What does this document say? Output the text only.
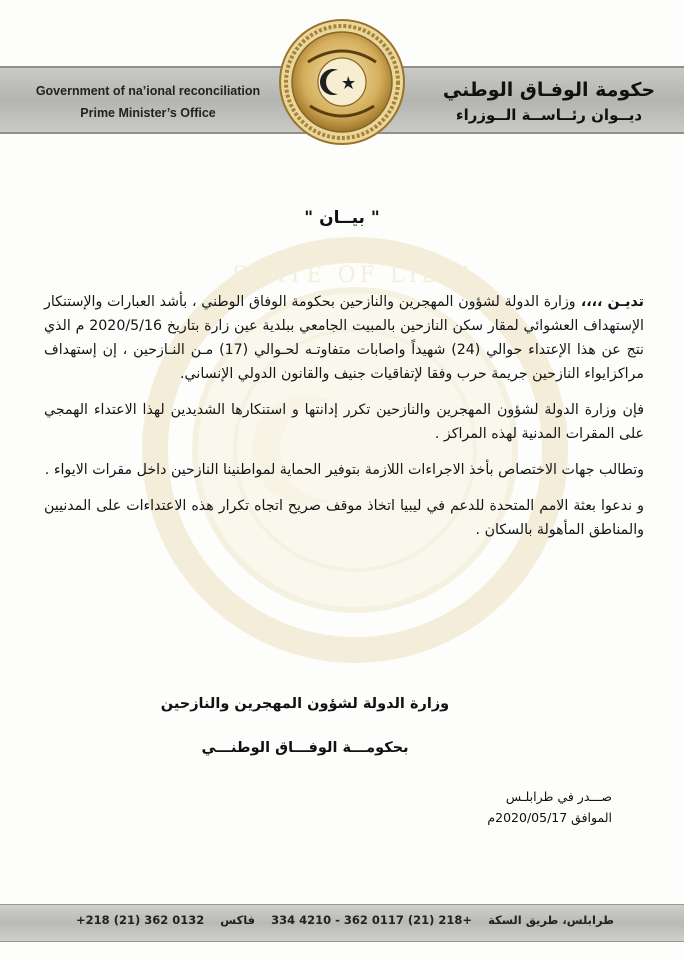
Government of na’ional reconciliation
Prime Minister’s Office
حكومة الوفـاق الوطني
ديــوان رئــاســة الــوزراء
STATE OF LIBYA
" بيــان "

تديـن ،،،، وزارة الدولة لشؤون المهجرين والنازحين بحكومة الوفاق الوطني ، بأشد العبارات والإستنكار الإستهداف العشوائي لمقار سكن النازحين بالمبيت الجامعي ببلدية عين زارة بتاريخ 2020/5/16 م الذي نتج عن هذا الإعتداء حوالي (24) شهيداً واصابات متفاوتـه لحـوالي (17) مـن النـازحين ، إن إستهداف مراكزايواء النازحين جريمة حرب وفقا لإتفاقيات جنيف والقانون الدولي الإنساني.

فإن وزارة الدولة لشؤون المهجرين والنازحين تكرر إدانتها و استنكارها الشديدين لهذا الاعتداء الهمجي على المقرات المدنية لهذه المراكز .

وتطالب جهات الاختصاص بأخذ الاجراءات اللازمة بتوفير الحماية لمواطنينا النازحين داخل مقرات الايواء .

و ندعوا بعثة الامم المتحدة للدعم في ليبيا اتخاذ موقف صريح اتجاه تكرار هذه الاعتداءات على المدنيين والمناطق المأهولة بالسكان .

وزارة الدولة لشؤون المهجرين والنازحين
بحكومـــة الوفـــاق الوطنـــي
صـــدر في طرابلـس
الموافق 2020/05/17م
طرابلس، طريق السكة 334 4210 - 362 0117 (21) 218+ فاكس +218 (21) 362 0132
